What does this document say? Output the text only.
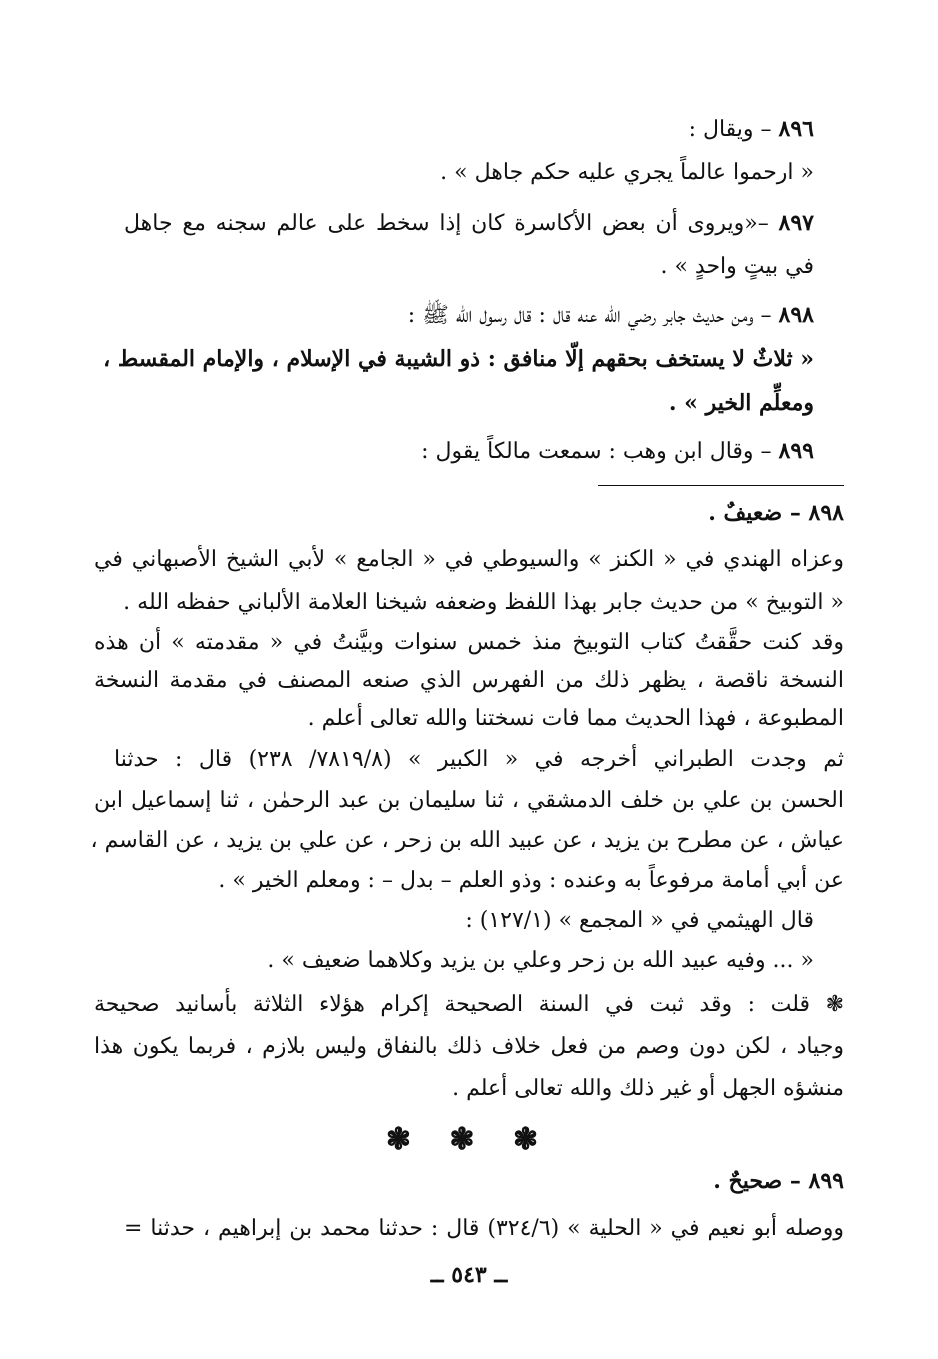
٨٩٦ – ويقال :
« ارحموا عالماً يجري عليه حكم جاهل » .
٨٩٧ –«ويروى أن بعض الأكاسرة كان إذا سخط على عالم سجنه مع جاهل
في بيتٍ واحدٍ » .
٨٩٨ – ومن حديث جابر رضي الله عنه قال : قال رسول الله ﷺ :
« ثلاثٌ لا يستخف بحقهم إلّا منافق : ذو الشيبة في الإسلام ، والإمام المقسط ،
ومعلِّم الخير » .
٨٩٩ – وقال ابن وهب : سمعت مالكاً يقول :
٨٩٨ – ضعيفٌ .
وعزاه الهندي في « الكنز » والسيوطي في « الجامع » لأبي الشيخ الأصبهاني في
« التوبيخ » من حديث جابر بهذا اللفظ وضعفه شيخنا العلامة الألباني حفظه الله .
وقد كنت حقَّقتُ كتاب التوبيخ منذ خمس سنوات وبيَّنتُ في « مقدمته » أن هذه
النسخة ناقصة ، يظهر ذلك من الفهرس الذي صنعه المصنف في مقدمة النسخة
المطبوعة ، فهذا الحديث مما فات نسختنا والله تعالى أعلم .
ثم وجدت الطبراني أخرجه في « الكبير » (٧٨١٩/٨/ ٢٣٨) قال : حدثنا
الحسن بن علي بن خلف الدمشقي ، ثنا سليمان بن عبد الرحمٰن ، ثنا إسماعيل ابن
عياش ، عن مطرح بن يزيد ، عن عبيد الله بن زحر ، عن علي بن يزيد ، عن القاسم ،
عن أبي أمامة مرفوعاً به وعنده : وذو العلم – بدل – : ومعلم الخير » .
قال الهيثمي في « المجمع » (١٢٧/١) :
« ... وفيه عبيد الله بن زحر وعلي بن يزيد وكلاهما ضعيف » .
❃ قلت : وقد ثبت في السنة الصحيحة إكرام هؤلاء الثلاثة بأسانيد صحيحة
وجياد ، لكن دون وصم من فعل خلاف ذلك بالنفاق وليس بلازم ، فربما يكون هذا
منشؤه الجهل أو غير ذلك والله تعالى أعلم .
❃ ❃ ❃
٨٩٩ – صحيحٌ .
ووصله أبو نعيم في « الحلية » (٣٢٤/٦) قال : حدثنا محمد بن إبراهيم ، حدثنا =
ــ ٥٤٣ ــ
